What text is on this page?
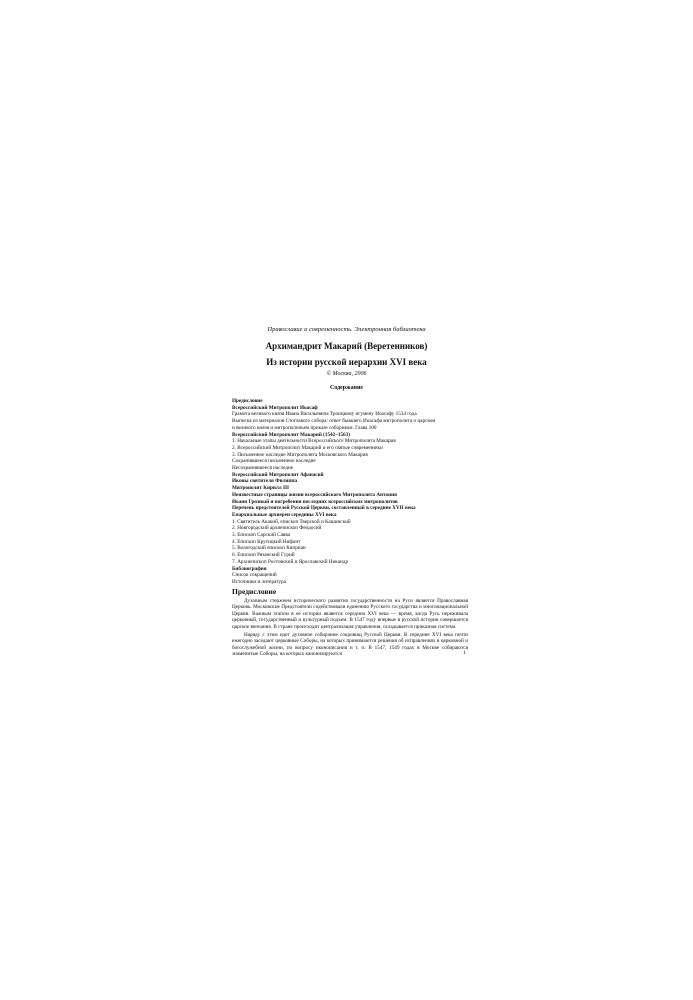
Православие и современность. Электронная библиотека
Архимандрит Макарий (Веретенников)
Из истории русской иерархии XVI века
© Москва, 2006
Содержание
Предисловие
Всероссийский Митрополит Иоасаф
Грамота великого князя Ивана Васильевича Троицкому игумену Иоасафу 1534 года
Выписка из материалов Стоглавого собора: ответ бывшего Иоасафа митрополита о царском
и великого князя и митрополичьем приказе собориком. Глава 100
Всероссийский Митрополит Макарий (1542–1563)
1. Начальные этапы деятельности Всероссийского Митрополита Макария
2. Всероссийский Митрополит Макарий и его святые современники
3. Письменное наследие Митрополита Московского Макария
Сохранившееся письменное наследие
Несохранившееся наследие
Всероссийский Митрополит Афанасий
Иконы святителя Филиппа
Митрополит Кирилл III
Неизвестные страницы жизни всероссийского Митрополита Антония
Иоанн Грозный и погребения последних всероссийских митрополитов
Перечень предстоятелей Русской Церкви, составленный в середине XVII века
Епархиальные архиереи середины XVI века
1. Святитель Акакий, епископ Тверской и Кашинский
2. Новгородский архиепископ Феодосий
3. Епископ Сарский Савва
4. Епископ Крутицкий Нифонт
5. Вологодский епископ Киприан
6. Епископ Рязанский Гурий
7. Архиепископ Ростовский и Ярославский Никандр
Библиография
Список сокращений
Источники и литература
Предисловие

Духовным стержнем исторического развития государственности на Руси является Православная Церковь. Московские Предстоятели содействовали единению Русского государства и многонациональной Церкви. Важным этапом в ее истории является середина XVI века — время, когда Русь переживала церковный, государственный и культурный подъем. В 1547 году впервые в русской истории совершается царское венчание. В стране происходит централизация управления, складывается приказная система.

Наряду с этим идет духовное собирание сокровищ Русской Церкви. В середине XVI века почти ежегодно заседают церковные Соборы, на которых принимаются решения об исправлениях в церковной и богослужебной жизни, по вопросу иконописания и т. п. В 1547, 1549 годах в Москве собираются знаменитые Соборы, на которых канонизируются	1
